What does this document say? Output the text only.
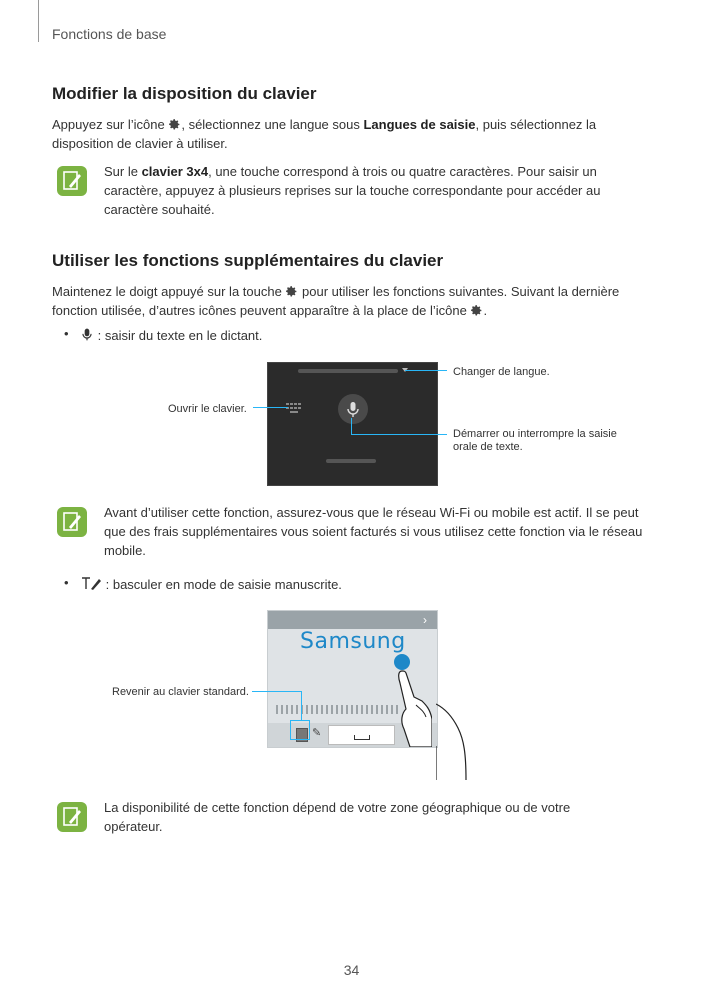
Fonctions de base
Modifier la disposition du clavier
Appuyez sur l’icône , sélectionnez une langue sous Langues de saisie, puis sélectionnez la disposition de clavier à utiliser.
Sur le clavier 3x4, une touche correspond à trois ou quatre caractères. Pour saisir un caractère, appuyez à plusieurs reprises sur la touche correspondante pour accéder au caractère souhaité.
Utiliser les fonctions supplémentaires du clavier
Maintenez le doigt appuyé sur la touche  pour utiliser les fonctions suivantes. Suivant la dernière fonction utilisée, d’autres icônes peuvent apparaître à la place de l’icône .
•	: saisir du texte en le dictant.
Changer de langue.
Ouvrir le clavier.
Démarrer ou interrompre la saisie orale de texte.
Avant d’utiliser cette fonction, assurez-vous que le réseau Wi-Fi ou mobile est actif. Il se peut que des frais supplémentaires vous soient facturés si vous utilisez cette fonction via le réseau mobile.
•	: basculer en mode de saisie manuscrite.
›
Samsung
✎
Revenir au clavier standard.
La disponibilité de cette fonction dépend de votre zone géographique ou de votre opérateur.
34
